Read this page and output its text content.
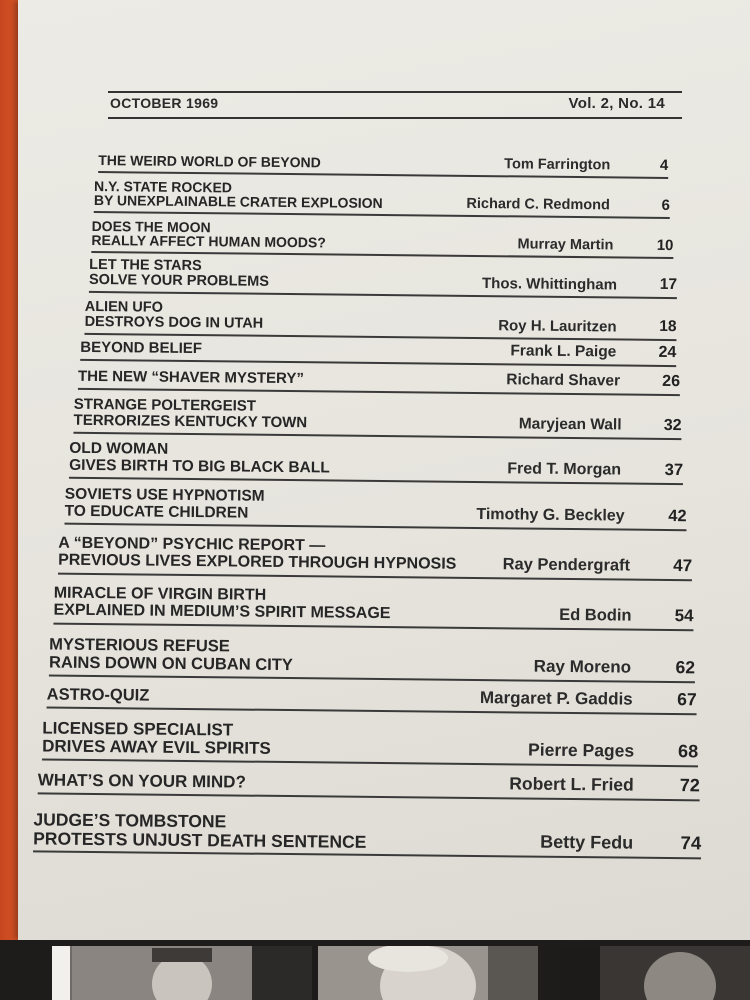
OCTOBER 1969	Vol. 2, No. 14
THE WEIRD WORLD OF BEYOND	Tom Farrington	4
N.Y. STATE ROCKED
BY UNEXPLAINABLE CRATER EXPLOSION	Richard C. Redmond	6
DOES THE MOON
REALLY AFFECT HUMAN MOODS?	Murray Martin	10
LET THE STARS
SOLVE YOUR PROBLEMS	Thos. Whittingham	17
ALIEN UFO
DESTROYS DOG IN UTAH	Roy H. Lauritzen	18
BEYOND BELIEF	Frank L. Paige	24
THE NEW “SHAVER MYSTERY”	Richard Shaver	26
STRANGE POLTERGEIST
TERRORIZES KENTUCKY TOWN	Maryjean Wall	32
OLD WOMAN
GIVES BIRTH TO BIG BLACK BALL	Fred T. Morgan	37
SOVIETS USE HYPNOTISM
TO EDUCATE CHILDREN	Timothy G. Beckley	42
A “BEYOND” PSYCHIC REPORT —
PREVIOUS LIVES EXPLORED THROUGH HYPNOSIS	Ray Pendergraft	47
MIRACLE OF VIRGIN BIRTH
EXPLAINED IN MEDIUM’S SPIRIT MESSAGE	Ed Bodin	54
MYSTERIOUS REFUSE
RAINS DOWN ON CUBAN CITY	Ray Moreno	62
ASTRO-QUIZ	Margaret P. Gaddis	67
LICENSED SPECIALIST
DRIVES AWAY EVIL SPIRITS	Pierre Pages 68
WHAT’S ON YOUR MIND?	Robert L. Fried	72
JUDGE’S TOMBSTONE
PROTESTS UNJUST DEATH SENTENCE	Betty Fedu	74
